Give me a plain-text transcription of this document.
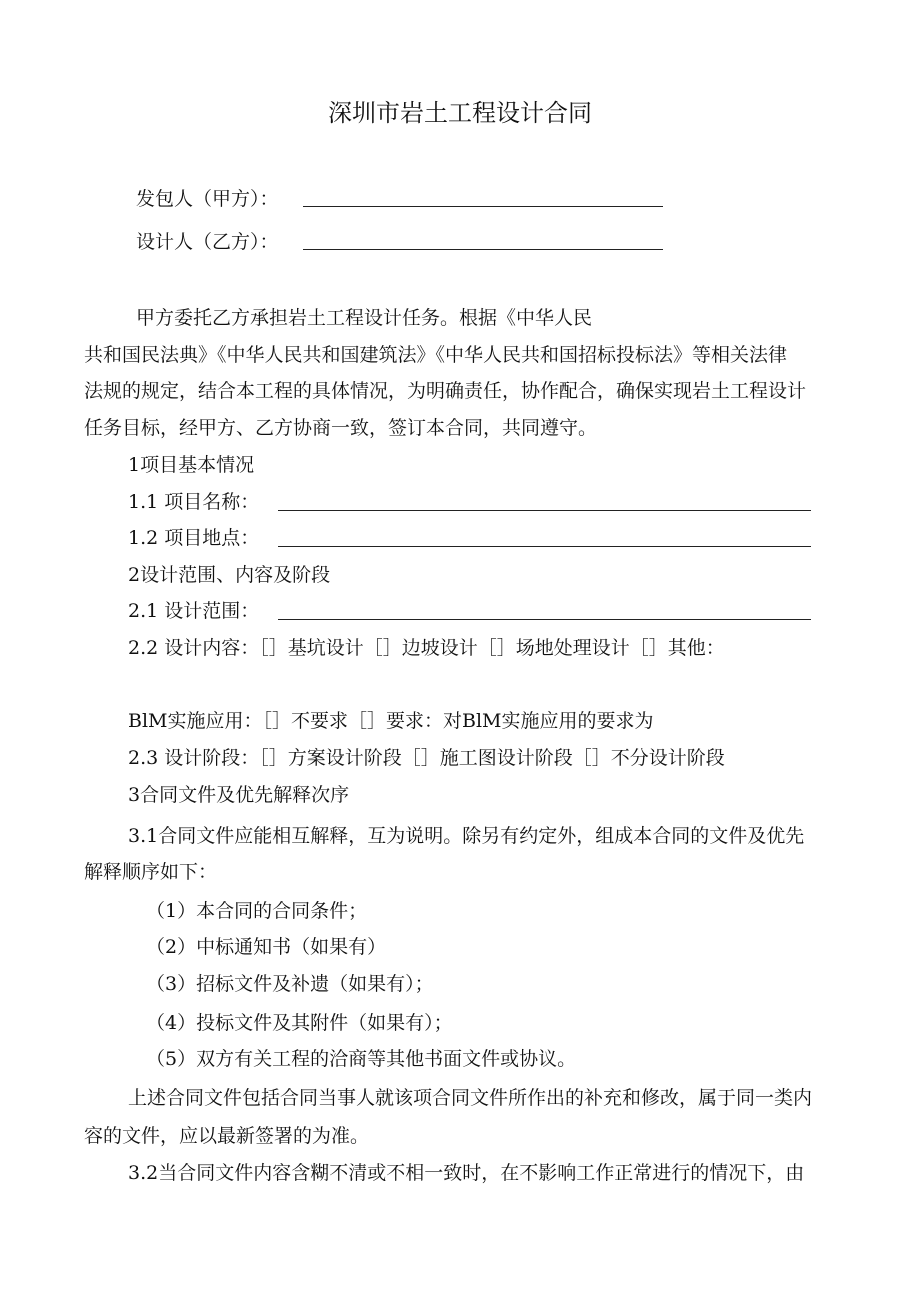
深圳市岩土工程设计合同
发包人（甲方）：
设计人（乙方）：
甲方委托乙方承担岩土工程设计任务。根据《中华人民
共和国民法典》《中华人民共和国建筑法》《中华人民共和国招标投标法》等相关法律
法规的规定，结合本工程的具体情况，为明确责任，协作配合，确保实现岩土工程设计
任务目标，经甲方、乙方协商一致，签订本合同，共同遵守。
1项目基本情况
1.1 项目名称：
1.2 项目地点：
2设计范围、内容及阶段
2.1 设计范围：
2.2 设计内容：［］基坑设计［］边坡设计［］场地处理设计［］其他：
BlM实施应用：［］不要求［］要求：对BlM实施应用的要求为
2.3 设计阶段：［］方案设计阶段［］施工图设计阶段［］不分设计阶段
3合同文件及优先解释次序
3.1合同文件应能相互解释，互为说明。除另有约定外，组成本合同的文件及优先
解释顺序如下：
（1）本合同的合同条件；
（2）中标通知书（如果有）
（3）招标文件及补遗（如果有）；
（4）投标文件及其附件（如果有）；
（5）双方有关工程的洽商等其他书面文件或协议。
上述合同文件包括合同当事人就该项合同文件所作出的补充和修改，属于同一类内
容的文件，应以最新签署的为准。
3.2当合同文件内容含糊不清或不相一致时，在不影响工作正常进行的情况下，由
